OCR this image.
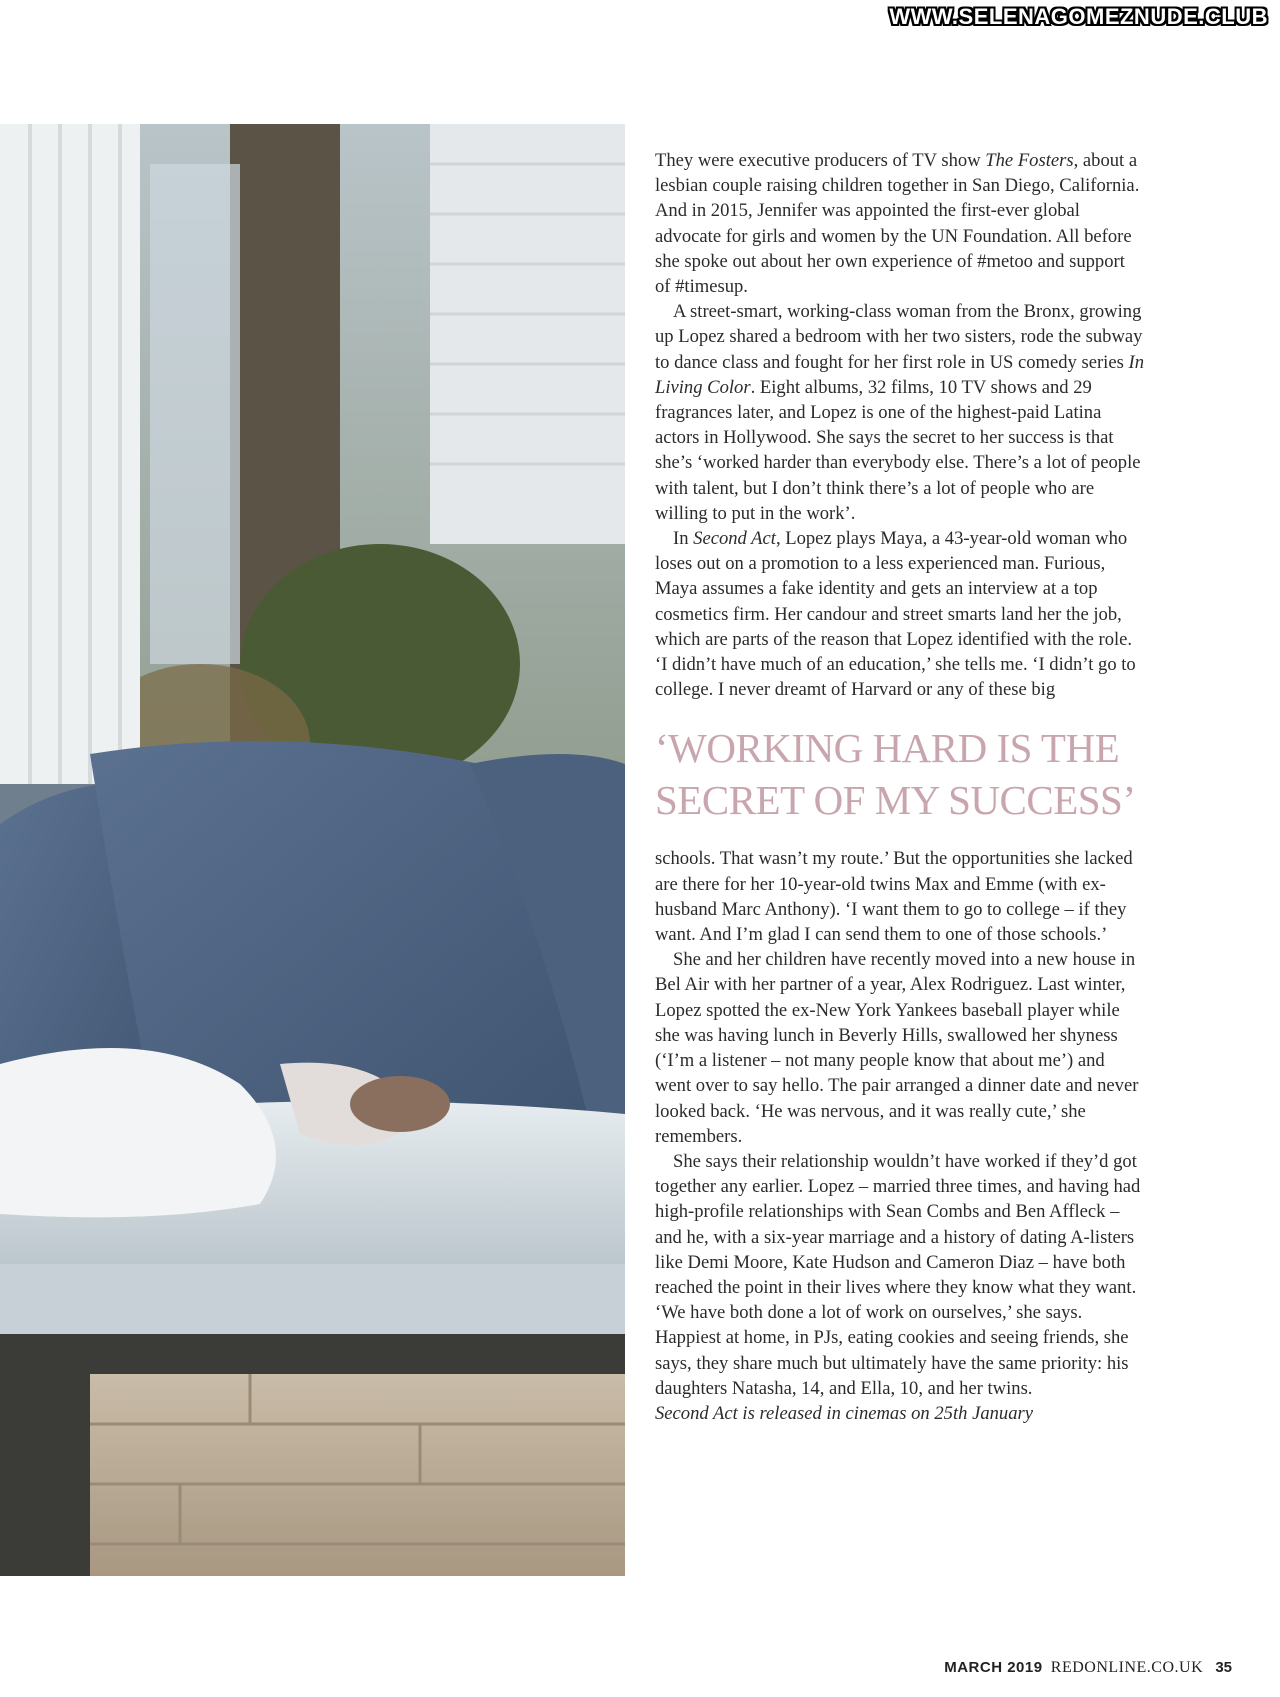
WWW.SELENAGOMEZNUDE.CLUB

They were executive producers of TV show The Fosters, about a lesbian couple raising children together in San Diego, California. And in 2015, Jennifer was appointed the first-ever global advocate for girls and women by the UN Foundation. All before she spoke out about her own experience of #metoo and support of #timesup.

A street-smart, working-class woman from the Bronx, growing up Lopez shared a bedroom with her two sisters, rode the subway to dance class and fought for her first role in US comedy series In Living Color. Eight albums, 32 films, 10 TV shows and 29 fragrances later, and Lopez is one of the highest-paid Latina actors in Hollywood. She says the secret to her success is that she’s ‘worked harder than everybody else. There’s a lot of people with talent, but I don’t think there’s a lot of people who are willing to put in the work’.

In Second Act, Lopez plays Maya, a 43-year-old woman who loses out on a promotion to a less experienced man. Furious, Maya assumes a fake identity and gets an interview at a top cosmetics firm. Her candour and street smarts land her the job, which are parts of the reason that Lopez identified with the role. ‘I didn’t have much of an education,’ she tells me. ‘I didn’t go to college. I never dreamt of Harvard or any of these big

‘WORKING HARD IS THE
SECRET OF MY SUCCESS’

schools. That wasn’t my route.’ But the opportunities she lacked are there for her 10-year-old twins Max and Emme (with ex-husband Marc Anthony). ‘I want them to go to college – if they want. And I’m glad I can send them to one of those schools.’

She and her children have recently moved into a new house in Bel Air with her partner of a year, Alex Rodriguez. Last winter, Lopez spotted the ex-New York Yankees baseball player while she was having lunch in Beverly Hills, swallowed her shyness (‘I’m a listener – not many people know that about me’) and went over to say hello. The pair arranged a dinner date and never looked back. ‘He was nervous, and it was really cute,’ she remembers.

She says their relationship wouldn’t have worked if they’d got together any earlier. Lopez – married three times, and having had high-profile relationships with Sean Combs and Ben Affleck – and he, with a six-year marriage and a history of dating A-listers like Demi Moore, Kate Hudson and Cameron Diaz – have both reached the point in their lives where they know what they want. ‘We have both done a lot of work on ourselves,’ she says. Happiest at home, in PJs, eating cookies and seeing friends, she says, they share much but ultimately have the same priority: his daughters Natasha, 14, and Ella, 10, and her twins.

Second Act is released in cinemas on 25th January

MARCH 2019 REDONLINE.CO.UK 35
